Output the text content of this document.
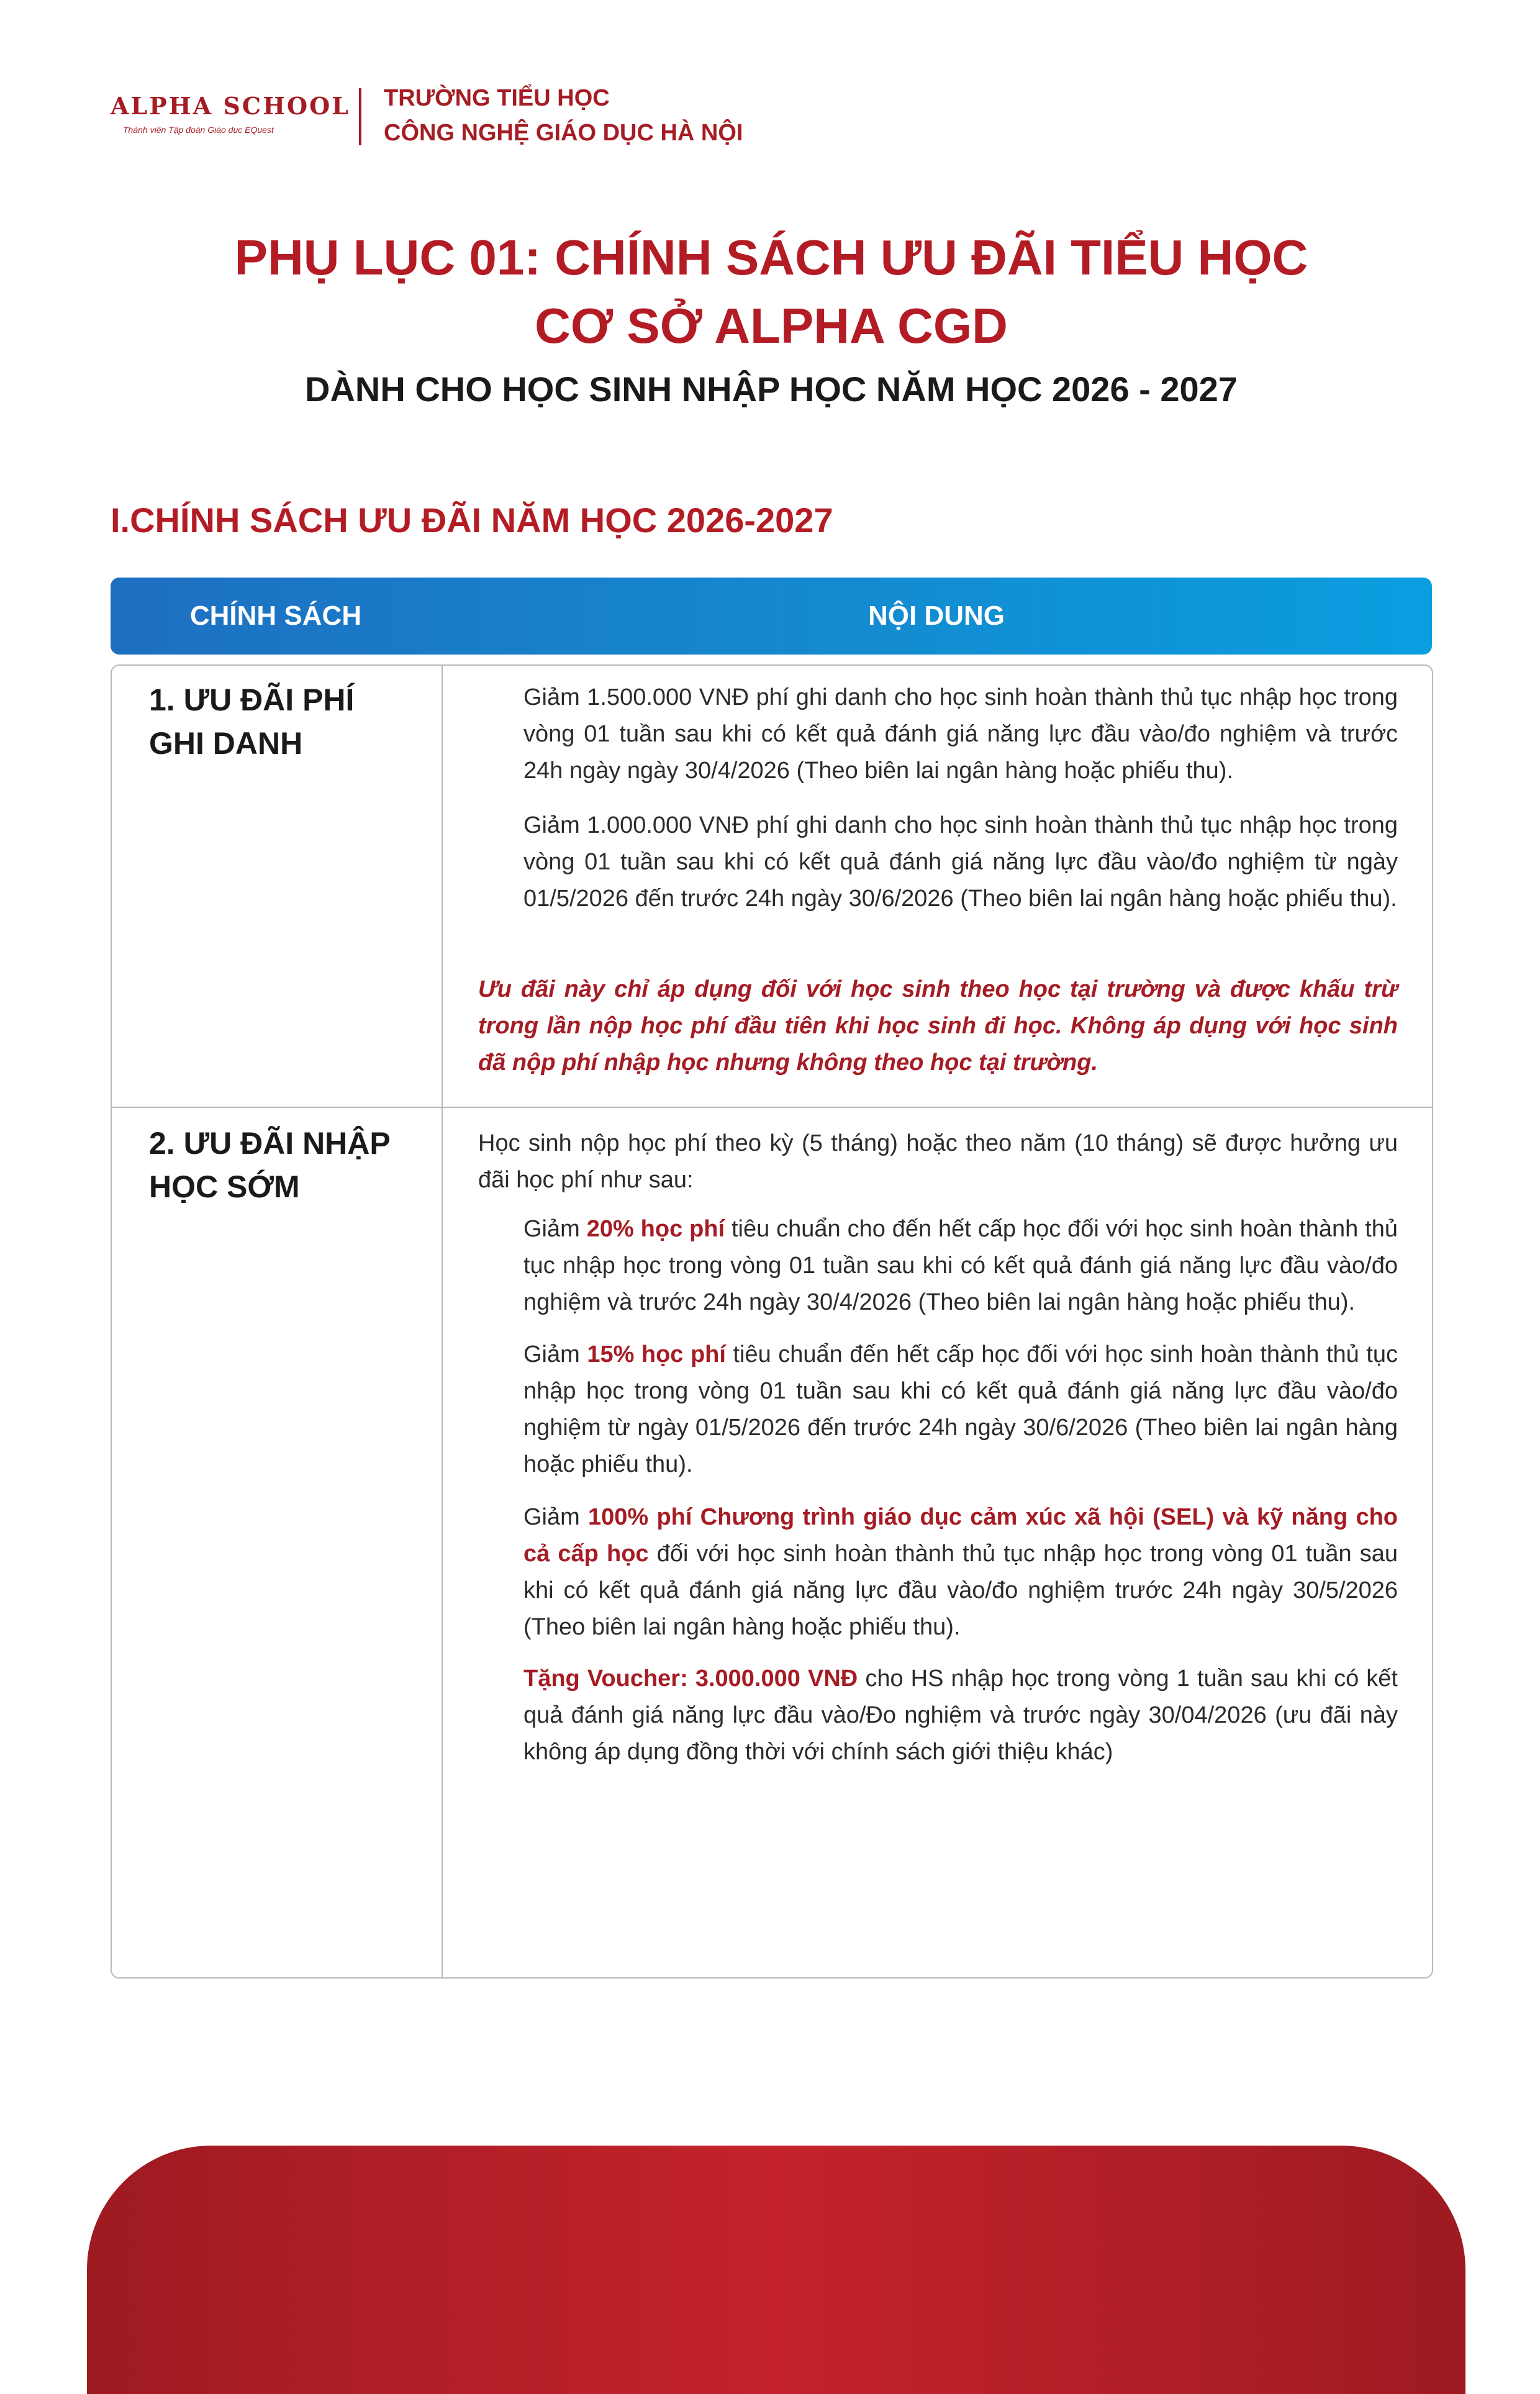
ALPHA SCHOOL
Thành viên Tập đoàn Giáo dục EQuest
TRƯỜNG TIỂU HỌC
CÔNG NGHỆ GIÁO DỤC HÀ NỘI
PHỤ LỤC 01: CHÍNH SÁCH ƯU ĐÃI TIỂU HỌC
CƠ SỞ ALPHA CGD
DÀNH CHO HỌC SINH NHẬP HỌC NĂM HỌC 2026 - 2027
I.CHÍNH SÁCH ƯU ĐÃI NĂM HỌC 2026-2027
CHÍNH SÁCH	NỘI DUNG
1. ƯU ĐÃI PHÍ
GHI DANH

Giảm 1.500.000 VNĐ phí ghi danh cho học sinh hoàn thành thủ tục nhập học trong vòng 01 tuần sau khi có kết quả đánh giá năng lực đầu vào/đo nghiệm và trước 24h ngày ngày 30/4/2026 (Theo biên lai ngân hàng hoặc phiếu thu).

Giảm 1.000.000 VNĐ phí ghi danh cho học sinh hoàn thành thủ tục nhập học trong vòng 01 tuần sau khi có kết quả đánh giá năng lực đầu vào/đo nghiệm từ ngày 01/5/2026 đến trước 24h ngày 30/6/2026 (Theo biên lai ngân hàng hoặc phiếu thu).

Ưu đãi này chỉ áp dụng đối với học sinh theo học tại trường và được khấu trừ trong lần nộp học phí đầu tiên khi học sinh đi học. Không áp dụng với học sinh đã nộp phí nhập học nhưng không theo học tại trường.

2. ƯU ĐÃI NHẬP
HỌC SỚM

Học sinh nộp học phí theo kỳ (5 tháng) hoặc theo năm (10 tháng) sẽ được hưởng ưu đãi học phí như sau:

Giảm 20% học phí tiêu chuẩn cho đến hết cấp học đối với học sinh hoàn thành thủ tục nhập học trong vòng 01 tuần sau khi có kết quả đánh giá năng lực đầu vào/đo nghiệm và trước 24h ngày 30/4/2026 (Theo biên lai ngân hàng hoặc phiếu thu).

Giảm 15% học phí tiêu chuẩn đến hết cấp học đối với học sinh hoàn thành thủ tục nhập học trong vòng 01 tuần sau khi có kết quả đánh giá năng lực đầu vào/đo nghiệm từ ngày 01/5/2026 đến trước 24h ngày 30/6/2026 (Theo biên lai ngân hàng hoặc phiếu thu).

Giảm 100% phí Chương trình giáo dục cảm xúc xã hội (SEL) và kỹ năng cho cả cấp học đối với học sinh hoàn thành thủ tục nhập học trong vòng 01 tuần sau khi có kết quả đánh giá năng lực đầu vào/đo nghiệm trước 24h ngày 30/5/2026 (Theo biên lai ngân hàng hoặc phiếu thu).

Tặng Voucher: 3.000.000 VNĐ cho HS nhập học trong vòng 1 tuần sau khi có kết quả đánh giá năng lực đầu vào/Đo nghiệm và trước ngày 30/04/2026 (ưu đãi này không áp dụng đồng thời với chính sách giới thiệu khác)
